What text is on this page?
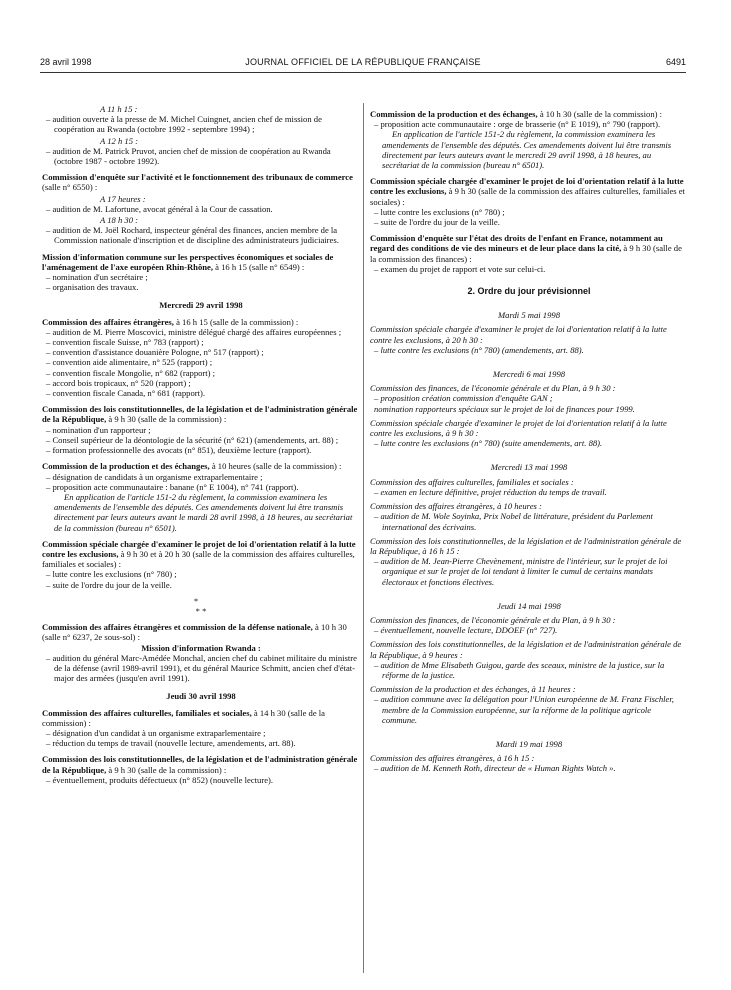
28 avril 1998	JOURNAL OFFICIEL DE LA RÉPUBLIQUE FRANÇAISE	6491

A 11 h 15 :

– audition ouverte à la presse de M. Michel Cuingnet, ancien chef de mission de coopération au Rwanda (octobre 1992 - septembre 1994) ;

A 12 h 15 :

– audition de M. Patrick Pruvot, ancien chef de mission de coopération au Rwanda (octobre 1987 - octobre 1992).

Commission d'enquête sur l'activité et le fonctionnement des tribunaux de commerce (salle n° 6550) :

A 17 heures :

– audition de M. Lafortune, avocat général à la Cour de cassation.

A 18 h 30 :

– audition de M. Joël Rochard, inspecteur général des finances, ancien membre de la Commission nationale d'inscription et de discipline des administrateurs judiciaires.

Mission d'information commune sur les perspectives économiques et sociales de l'aménagement de l'axe européen Rhin-Rhône, à 16 h 15 (salle n° 6549) :

– nomination d'un secrétaire ;

– organisation des travaux.

Mercredi 29 avril 1998

Commission des affaires étrangères, à 16 h 15 (salle de la commission) :

– audition de M. Pierre Moscovici, ministre délégué chargé des affaires européennes ;

– convention fiscale Suisse, n° 783 (rapport) ;

– convention d'assistance douanière Pologne, n° 517 (rapport) ;

– convention aide alimentaire, n° 525 (rapport) ;

– convention fiscale Mongolie, n° 682 (rapport) ;

– accord bois tropicaux, n° 520 (rapport) ;

– convention fiscale Canada, n° 681 (rapport).

Commission des lois constitutionnelles, de la législation et de l'administration générale de la République, à 9 h 30 (salle de la commission) :

– nomination d'un rapporteur ;

– Conseil supérieur de la déontologie de la sécurité (n° 621) (amendements, art. 88) ;

– formation professionnelle des avocats (n° 851), deuxième lecture (rapport).

Commission de la production et des échanges, à 10 heures (salle de la commission) :

– désignation de candidats à un organisme extraparlementaire ;

– proposition acte communautaire : banane (n° E 1004), n° 741 (rapport).

En application de l'article 151-2 du règlement, la commission examinera les amendements de l'ensemble des députés. Ces amendements doivent lui être transmis directement par leurs auteurs avant le mardi 28 avril 1998, à 18 heures, au secrétariat de la commission (bureau n° 6501).

Commission spéciale chargée d'examiner le projet de loi d'orientation relatif à la lutte contre les exclusions, à 9 h 30 et à 20 h 30 (salle de la commission des affaires culturelles, familiales et sociales) :

– lutte contre les exclusions (n° 780) ;

– suite de l'ordre du jour de la veille.

*

* *

Commission des affaires étrangères et commission de la défense nationale, à 10 h 30 (salle n° 6237, 2e sous-sol) :

Mission d'information Rwanda :

– audition du général Marc-Amédée Monchal, ancien chef du cabinet militaire du ministre de la défense (avril 1989-avril 1991), et du général Maurice Schmitt, ancien chef d'état-major des armées (jusqu'en avril 1991).

Jeudi 30 avril 1998

Commission des affaires culturelles, familiales et sociales, à 14 h 30 (salle de la commission) :

– désignation d'un candidat à un organisme extraparlementaire ;

– réduction du temps de travail (nouvelle lecture, amendements, art. 88).

Commission des lois constitutionnelles, de la législation et de l'administration générale de la République, à 9 h 30 (salle de la commission) :

– éventuellement, produits défectueux (n° 852) (nouvelle lecture).

Commission de la production et des échanges, à 10 h 30 (salle de la commission) :

– proposition acte communautaire : orge de brasserie (n° E 1019), n° 790 (rapport).

En application de l'article 151-2 du règlement, la commission examinera les amendements de l'ensemble des députés. Ces amendements doivent lui être transmis directement par leurs auteurs avant le mercredi 29 avril 1998, à 18 heures, au secrétariat de la commission (bureau n° 6501).

Commission spéciale chargée d'examiner le projet de loi d'orientation relatif à la lutte contre les exclusions, à 9 h 30 (salle de la commission des affaires culturelles, familiales et sociales) :

– lutte contre les exclusions (n° 780) ;

– suite de l'ordre du jour de la veille.

Commission d'enquête sur l'état des droits de l'enfant en France, notamment au regard des conditions de vie des mineurs et de leur place dans la cité, à 9 h 30 (salle de la commission des finances) :

– examen du projet de rapport et vote sur celui-ci.

2. Ordre du jour prévisionnel

Mardi 5 mai 1998

Commission spéciale chargée d'examiner le projet de loi d'orientation relatif à la lutte contre les exclusions, à 20 h 30 :

– lutte contre les exclusions (n° 780) (amendements, art. 88).

Mercredi 6 mai 1998

Commission des finances, de l'économie générale et du Plan, à 9 h 30 :

– proposition création commission d'enquête GAN ;

nomination rapporteurs spéciaux sur le projet de loi de finances pour 1999.

Commission spéciale chargée d'examiner le projet de loi d'orientation relatif à la lutte contre les exclusions, à 9 h 30 :

– lutte contre les exclusions (n° 780) (suite amendements, art. 88).

Mercredi 13 mai 1998

Commission des affaires culturelles, familiales et sociales :

– examen en lecture définitive, projet réduction du temps de travail.

Commission des affaires étrangères, à 10 heures :

– audition de M. Wole Soyinka, Prix Nobel de littérature, président du Parlement international des écrivains.

Commission des lois constitutionnelles, de la législation et de l'administration générale de la République, à 16 h 15 :

– audition de M. Jean-Pierre Chevènement, ministre de l'intérieur, sur le projet de loi organique et sur le projet de loi tendant à limiter le cumul de certains mandats électoraux et fonctions électives.

Jeudi 14 mai 1998

Commission des finances, de l'économie générale et du Plan, à 9 h 30 :

– éventuellement, nouvelle lecture, DDOEF (n° 727).

Commission des lois constitutionnelles, de la législation et de l'administration générale de la République, à 9 heures :

– audition de Mme Elisabeth Guigou, garde des sceaux, ministre de la justice, sur la réforme de la justice.

Commission de la production et des échanges, à 11 heures :

– audition commune avec la délégation pour l'Union européenne de M. Franz Fischler, membre de la Commission européenne, sur la réforme de la politique agricole commune.

Mardi 19 mai 1998

Commission des affaires étrangères, à 16 h 15 :

– audition de M. Kenneth Roth, directeur de « Human Rights Watch ».
